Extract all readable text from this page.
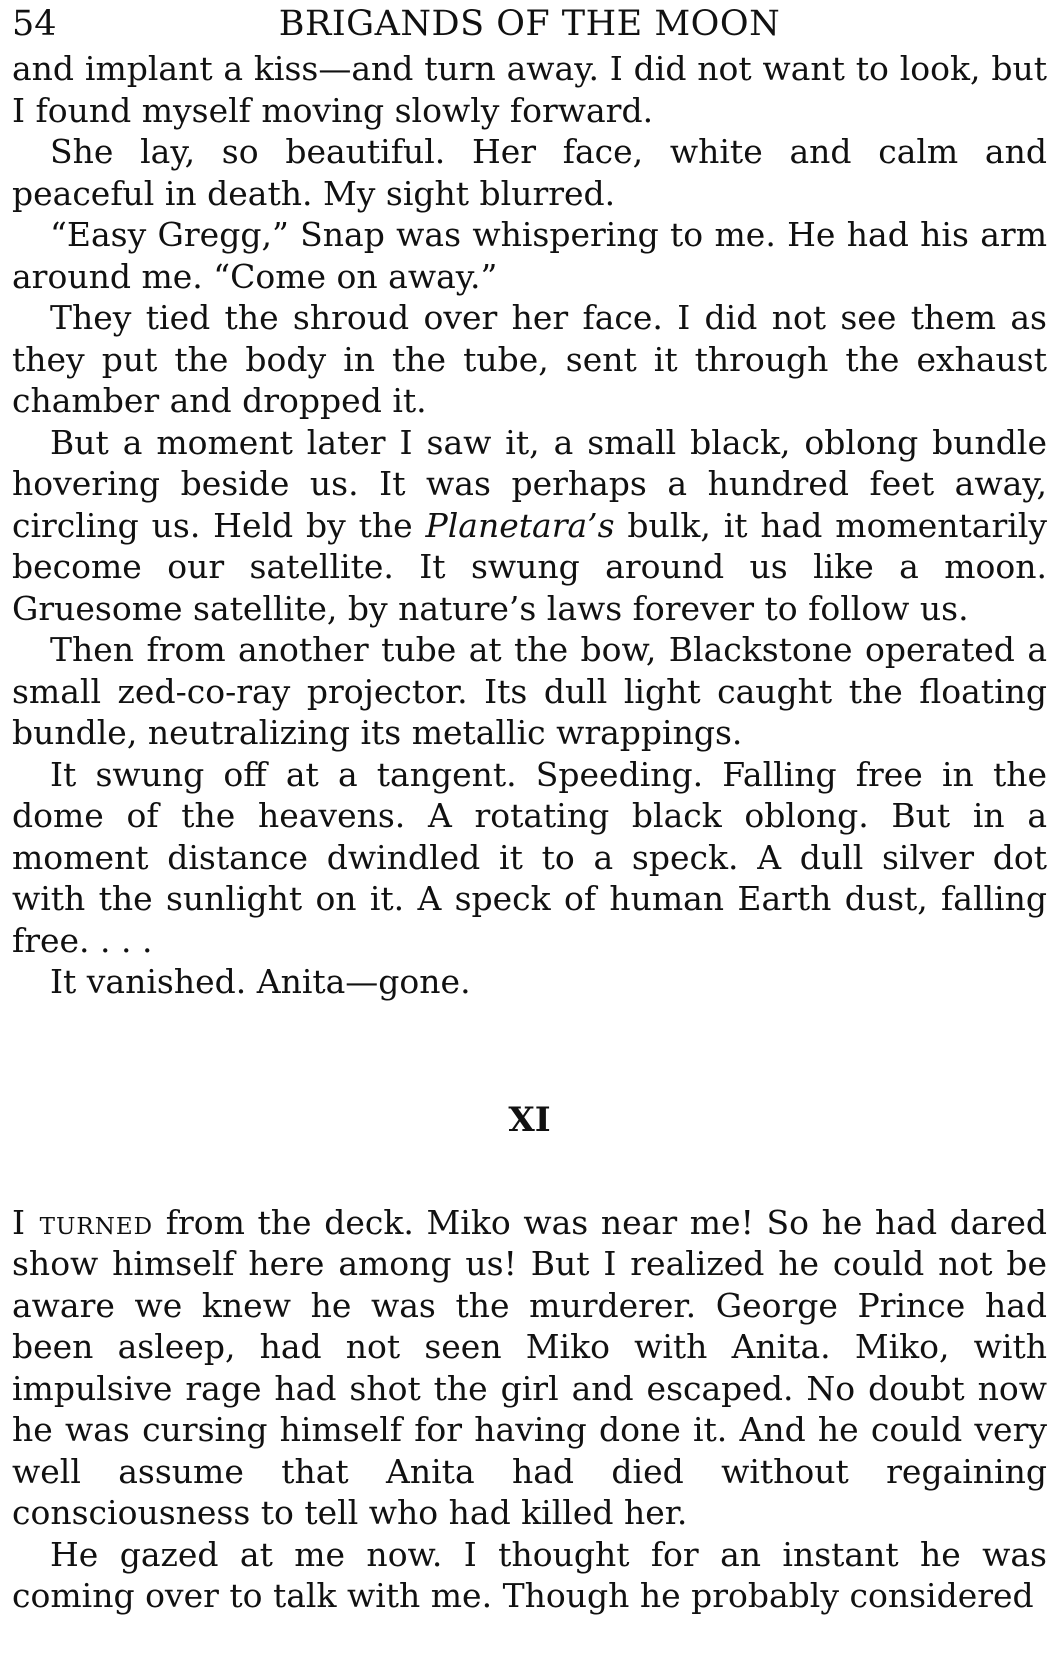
54	BRIGANDS OF THE MOON

and implant a kiss—and turn away. I did not want to look, but I found myself moving slowly forward.

She lay, so beautiful. Her face, white and calm and peaceful in death. My sight blurred.

“Easy Gregg,” Snap was whispering to me. He had his arm around me. “Come on away.”

They tied the shroud over her face. I did not see them as they put the body in the tube, sent it through the exhaust chamber and dropped it.

But a moment later I saw it, a small black, oblong bundle hovering beside us. It was perhaps a hundred feet away, circling us. Held by the Planetara’s bulk, it had momentarily become our satellite. It swung around us like a moon. Gruesome satellite, by nature’s laws forever to follow us.

Then from another tube at the bow, Blackstone operated a small zed-co-ray projector. Its dull light caught the floating bundle, neutralizing its metallic wrappings.

It swung off at a tangent. Speeding. Falling free in the dome of the heavens. A rotating black oblong. But in a moment distance dwindled it to a speck. A dull silver dot with the sunlight on it. A speck of human Earth dust, falling free. . . .

It vanished. Anita—gone.

XI

I turned from the deck. Miko was near me! So he had dared show himself here among us! But I realized he could not be aware we knew he was the murderer. George Prince had been asleep, had not seen Miko with Anita. Miko, with impulsive rage had shot the girl and escaped. No doubt now he was cursing himself for having done it. And he could very well assume that Anita had died without regaining consciousness to tell who had killed her.

He gazed at me now. I thought for an instant he was coming over to talk with me. Though he probably considered
